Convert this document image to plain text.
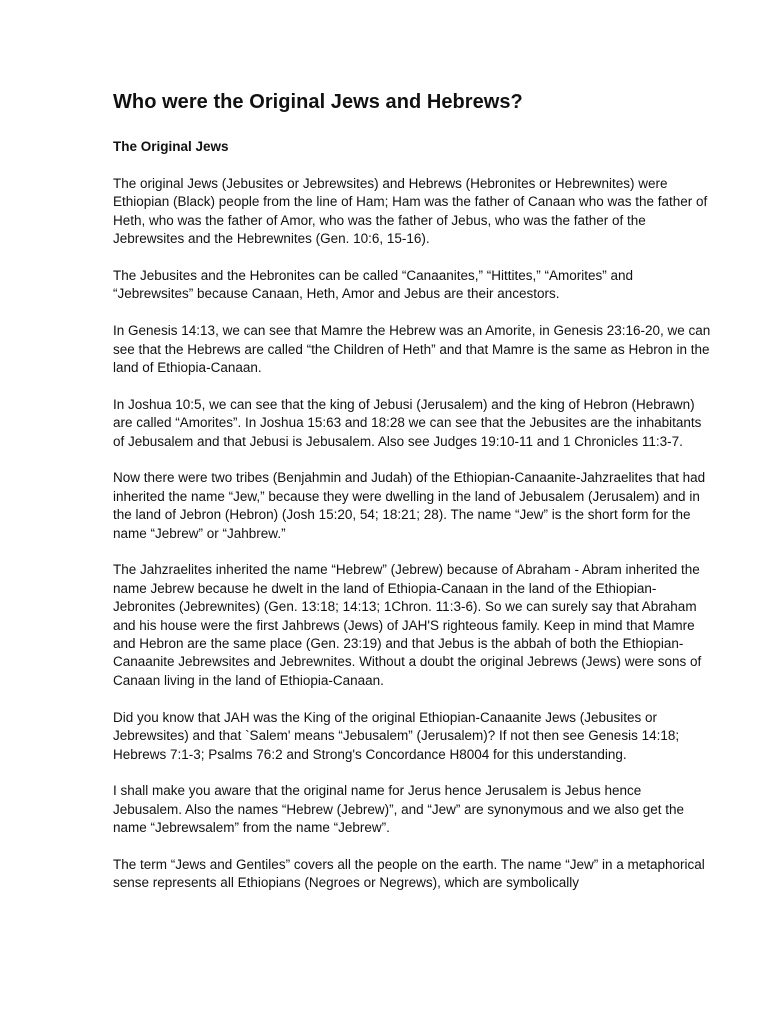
Who were the Original Jews and Hebrews?
The Original Jews

The original Jews (Jebusites or Jebrewsites) and Hebrews (Hebronites or Hebrewnites) were Ethiopian (Black) people from the line of Ham; Ham was the father of Canaan who was the father of Heth, who was the father of Amor, who was the father of Jebus, who was the father of the Jebrewsites and the Hebrewnites (Gen. 10:6, 15-16).

The Jebusites and the Hebronites can be called “Canaanites,” “Hittites,” “Amorites” and “Jebrewsites” because Canaan, Heth, Amor and Jebus are their ancestors.

In Genesis 14:13, we can see that Mamre the Hebrew was an Amorite, in Genesis 23:16-20, we can see that the Hebrews are called “the Children of Heth” and that Mamre is the same as Hebron in the land of Ethiopia-Canaan.

In Joshua 10:5, we can see that the king of Jebusi (Jerusalem) and the king of Hebron (Hebrawn) are called “Amorites”. In Joshua 15:63 and 18:28 we can see that the Jebusites are the inhabitants of Jebusalem and that Jebusi is Jebusalem. Also see Judges 19:10-11 and 1 Chronicles 11:3-7.

Now there were two tribes (Benjahmin and Judah) of the Ethiopian-Canaanite-Jahzraelites that had inherited the name “Jew,” because they were dwelling in the land of Jebusalem (Jerusalem) and in the land of Jebron (Hebron) (Josh 15:20, 54; 18:21; 28). The name “Jew” is the short form for the name “Jebrew” or “Jahbrew.”

The Jahzraelites inherited the name “Hebrew” (Jebrew) because of Abraham - Abram inherited the name Jebrew because he dwelt in the land of Ethiopia-Canaan in the land of the Ethiopian-Jebronites (Jebrewnites) (Gen. 13:18; 14:13; 1Chron. 11:3-6). So we can surely say that Abraham and his house were the first Jahbrews (Jews) of JAH'S righteous family. Keep in mind that Mamre and Hebron are the same place (Gen. 23:19) and that Jebus is the abbah of both the Ethiopian-Canaanite Jebrewsites and Jebrewnites. Without a doubt the original Jebrews (Jews) were sons of Canaan living in the land of Ethiopia-Canaan.

Did you know that JAH was the King of the original Ethiopian-Canaanite Jews (Jebusites or Jebrewsites) and that `Salem' means “Jebusalem” (Jerusalem)? If not then see Genesis 14:18; Hebrews 7:1-3; Psalms 76:2 and Strong's Concordance H8004 for this understanding.

I shall make you aware that the original name for Jerus hence Jerusalem is Jebus hence Jebusalem. Also the names “Hebrew (Jebrew)”, and “Jew” are synonymous and we also get the name “Jebrewsalem” from the name “Jebrew”.

The term “Jews and Gentiles” covers all the people on the earth. The name “Jew” in a metaphorical sense represents all Ethiopians (Negroes or Negrews), which are symbolically
